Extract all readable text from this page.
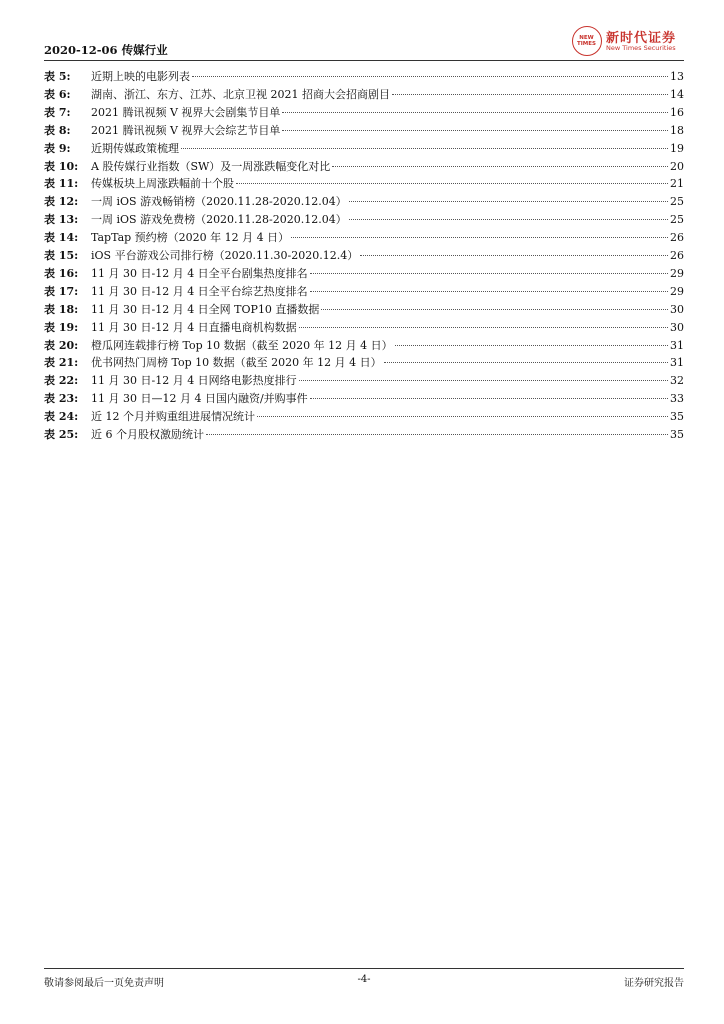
2020-12-06 传媒行业
NEW TIMES 新时代证券
New Times Securities
表 5: 近期上映的电影列表	13
表 6: 湖南、浙江、东方、江苏、北京卫视 2021 招商大会招商剧目	14
表 7: 2021 腾讯视频 V 视界大会剧集节目单	16
表 8: 2021 腾讯视频 V 视界大会综艺节目单	18
表 9: 近期传媒政策梳理	19
表 10: A 股传媒行业指数（SW）及一周涨跌幅变化对比	20
表 11: 传媒板块上周涨跌幅前十个股	21
表 12: 一周 iOS 游戏畅销榜（2020.11.28-2020.12.04）	25
表 13: 一周 iOS 游戏免费榜（2020.11.28-2020.12.04）	25
表 14: TapTap 预约榜（2020 年 12 月 4 日）	26
表 15: iOS 平台游戏公司排行榜（2020.11.30-2020.12.4）	26
表 16: 11 月 30 日-12 月 4 日全平台剧集热度排名	29
表 17: 11 月 30 日-12 月 4 日全平台综艺热度排名	29
表 18: 11 月 30 日-12 月 4 日全网 TOP10 直播数据	30
表 19: 11 月 30 日-12 月 4 日直播电商机构数据	30
表 20: 橙瓜网连载排行榜 Top 10 数据（截至 2020 年 12 月 4 日）	31
表 21: 优书网热门周榜 Top 10 数据（截至 2020 年 12 月 4 日）	31
表 22: 11 月 30 日-12 月 4 日网络电影热度排行	32
表 23: 11 月 30 日—12 月 4 日国内融资/并购事件	33
表 24: 近 12 个月并购重组进展情况统计	35
表 25: 近 6 个月股权激励统计	35
敬请参阅最后一页免责声明	-4-	证券研究报告
